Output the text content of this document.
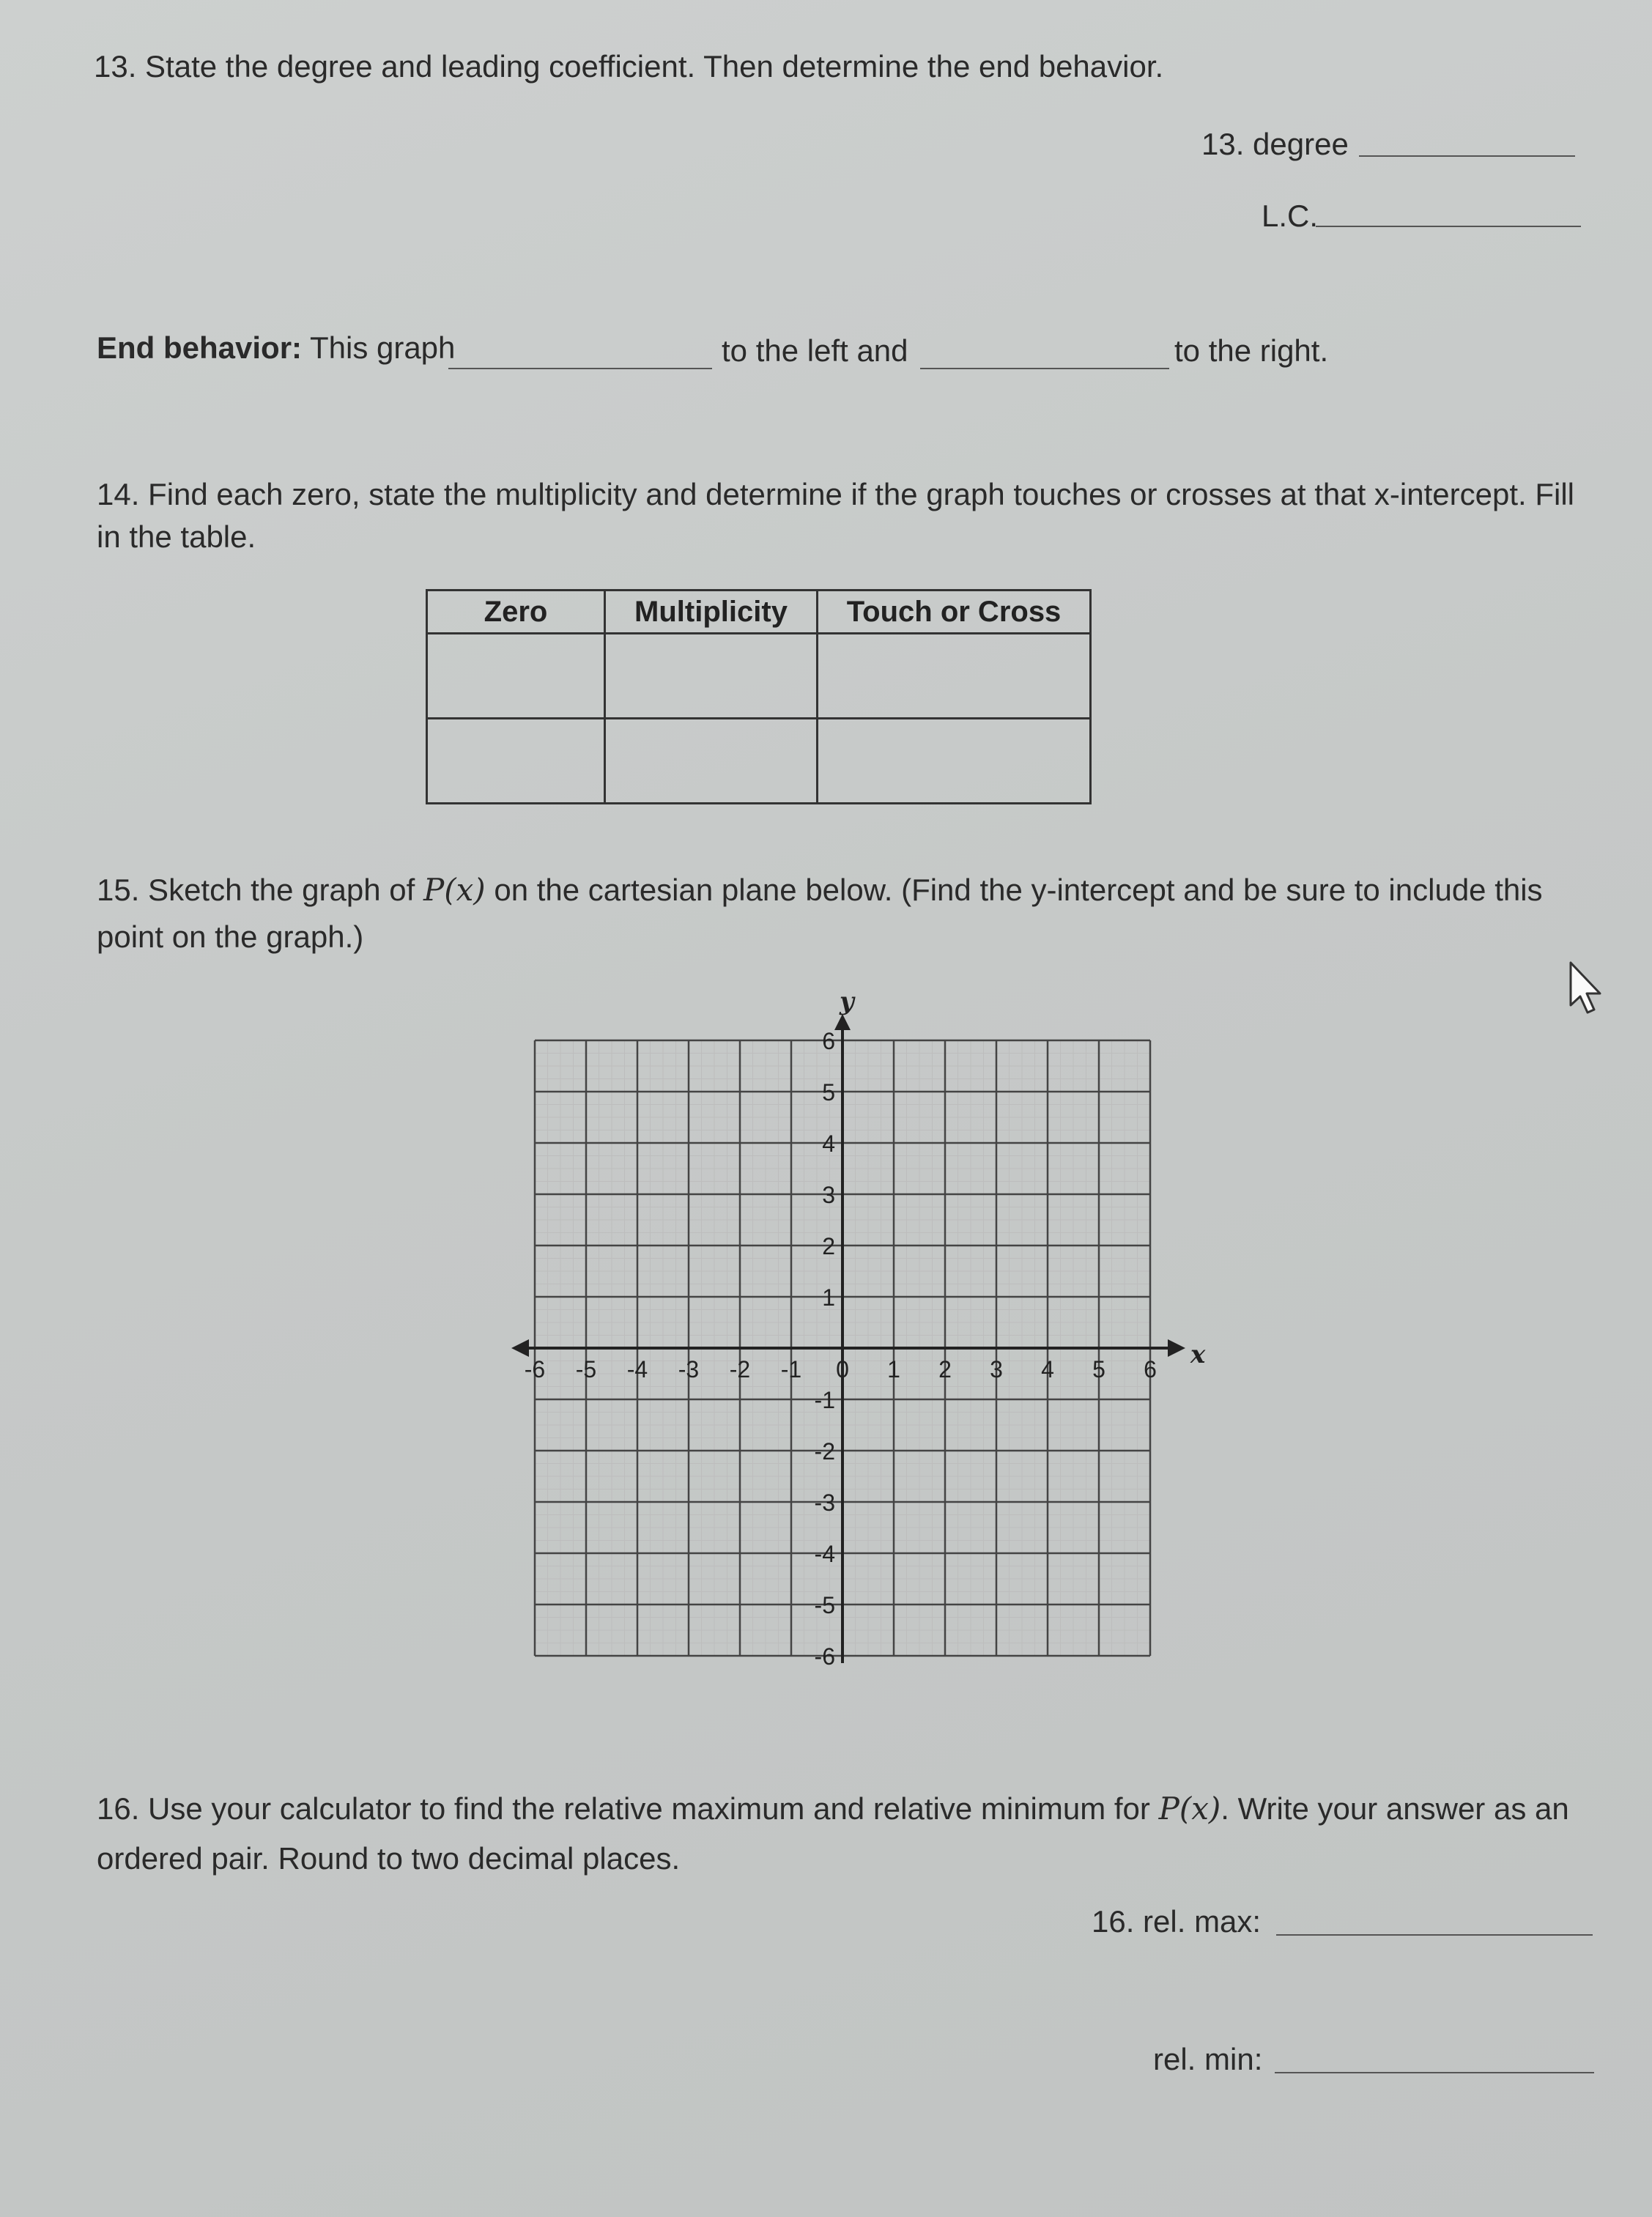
13. State the degree and leading coefficient. Then determine the end behavior.
13. degree
L.C.
End behavior: This graph	to the left and	to the right.
14. Find each zero, state the multiplicity and determine if the graph touches or crosses at that x-intercept. Fill
in the table.
Zero	Multiplicity	Touch or Cross

15. Sketch the graph of P(x) on the cartesian plane below. (Find the y-intercept and be sure to include this
point on the graph.)
-6 -5 -4 -3 -2 -1 0 1 2 3 4 5 6
6
5
4
3
2
1
-1
-2
-3
-4
-5
-6
x
y
16. Use your calculator to find the relative maximum and relative minimum for P(x). Write your answer as an
ordered pair. Round to two decimal places.
16. rel. max:
rel. min:
